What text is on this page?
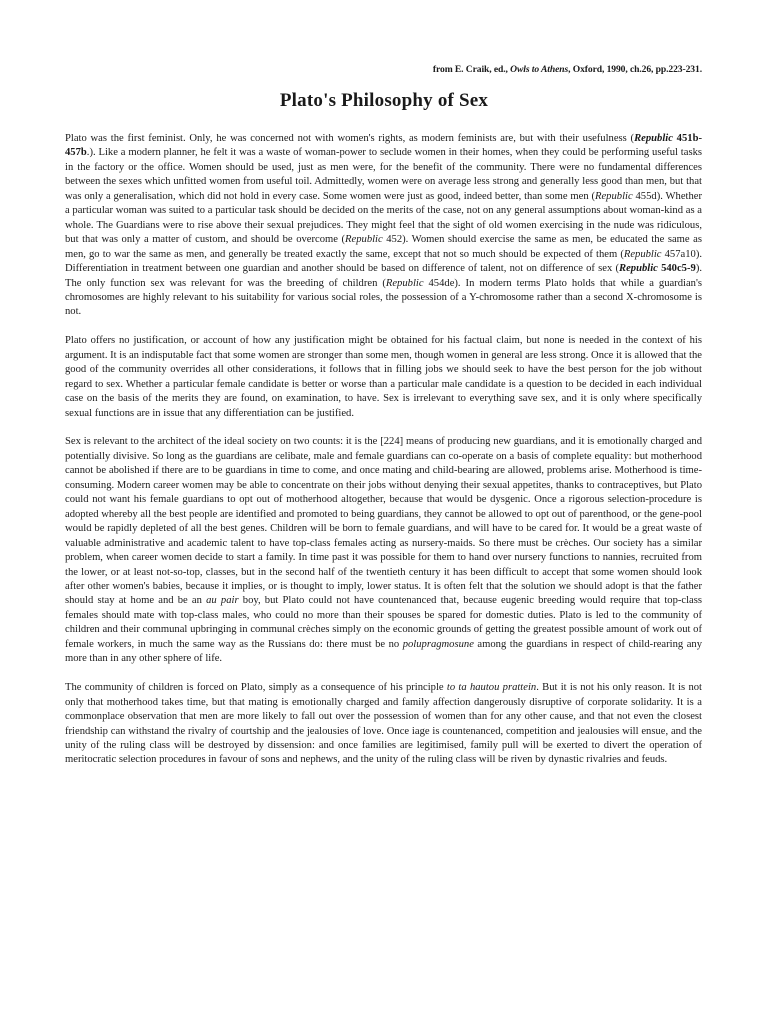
from E. Craik, ed., Owls to Athens, Oxford, 1990, ch.26, pp.223-231.
Plato's Philosophy of Sex

Plato was the first feminist. Only, he was concerned not with women's rights, as modern feminists are, but with their usefulness (Republic 451b-457b.). Like a modern planner, he felt it was a waste of woman-power to seclude women in their homes, when they could be performing useful tasks in the factory or the office. Women should be used, just as men were, for the benefit of the community. There were no fundamental differences between the sexes which unfitted women from useful toil. Admittedly, women were on average less strong and generally less good than men, but that was only a generalisation, which did not hold in every case. Some women were just as good, indeed better, than some men (Republic 455d). Whether a particular woman was suited to a particular task should be decided on the merits of the case, not on any general assumptions about woman-kind as a whole. The Guardians were to rise above their sexual prejudices. They might feel that the sight of old women exercising in the nude was ridiculous, but that was only a matter of custom, and should be overcome (Republic 452). Women should exercise the same as men, be educated the same as men, go to war the same as men, and generally be treated exactly the same, except that not so much should be expected of them (Republic 457a10). Differentiation in treatment between one guardian and another should be based on difference of talent, not on difference of sex (Republic 540c5-9). The only function sex was relevant for was the breeding of children (Republic 454de). In modern terms Plato holds that while a guardian's chromosomes are highly relevant to his suitability for various social roles, the possession of a Y-chromosome rather than a second X-chromosome is not.

Plato offers no justification, or account of how any justification might be obtained for his factual claim, but none is needed in the context of his argument. It is an indisputable fact that some women are stronger than some men, though women in general are less strong. Once it is allowed that the good of the community overrides all other considerations, it follows that in filling jobs we should seek to have the best person for the job without regard to sex. Whether a particular female candidate is better or worse than a particular male candidate is a question to be decided in each individual case on the basis of the merits they are found, on examination, to have. Sex is irrelevant to everything save sex, and it is only where specifically sexual functions are in issue that any differentiation can be justified.

Sex is relevant to the architect of the ideal society on two counts: it is the [224] means of producing new guardians, and it is emotionally charged and potentially divisive. So long as the guardians are celibate, male and female guardians can co-operate on a basis of complete equality: but motherhood cannot be abolished if there are to be guardians in time to come, and once mating and child-bearing are allowed, problems arise. Motherhood is time-consuming. Modern career women may be able to concentrate on their jobs without denying their sexual appetites, thanks to contraceptives, but Plato could not want his female guardians to opt out of motherhood altogether, because that would be dysgenic. Once a rigorous selection-procedure is adopted whereby all the best people are identified and promoted to being guardians, they cannot be allowed to opt out of parenthood, or the gene-pool would be rapidly depleted of all the best genes. Children will be born to female guardians, and will have to be cared for. It would be a great waste of valuable administrative and academic talent to have top-class females acting as nursery-maids. So there must be crèches. Our society has a similar problem, when career women decide to start a family. In time past it was possible for them to hand over nursery functions to nannies, recruited from the lower, or at least not-so-top, classes, but in the second half of the twentieth century it has been difficult to accept that some women should look after other women's babies, because it implies, or is thought to imply, lower status. It is often felt that the solution we should adopt is that the father should stay at home and be an au pair boy, but Plato could not have countenanced that, because eugenic breeding would require that top-class females should mate with top-class males, who could no more than their spouses be spared for domestic duties. Plato is led to the community of children and their communal upbringing in communal crèches simply on the economic grounds of getting the greatest possible amount of work out of female workers, in much the same way as the Russians do: there must be no polupragmosune among the guardians in respect of child-rearing any more than in any other sphere of life.

The community of children is forced on Plato, simply as a consequence of his principle to ta hautou prattein. But it is not his only reason. It is not only that motherhood takes time, but that mating is emotionally charged and family affection dangerously disruptive of corporate solidarity. It is a commonplace observation that men are more likely to fall out over the possession of women than for any other cause, and that not even the closest friendship can withstand the rivalry of courtship and the jealousies of love. Once iage is countenanced, competition and jealousies will ensue, and the unity of the ruling class will be destroyed by dissension: and once families are legitimised, family pull will be exerted to divert the operation of meritocratic selection procedures in favour of sons and nephews, and the unity of the ruling class will be riven by dynastic rivalries and feuds.
